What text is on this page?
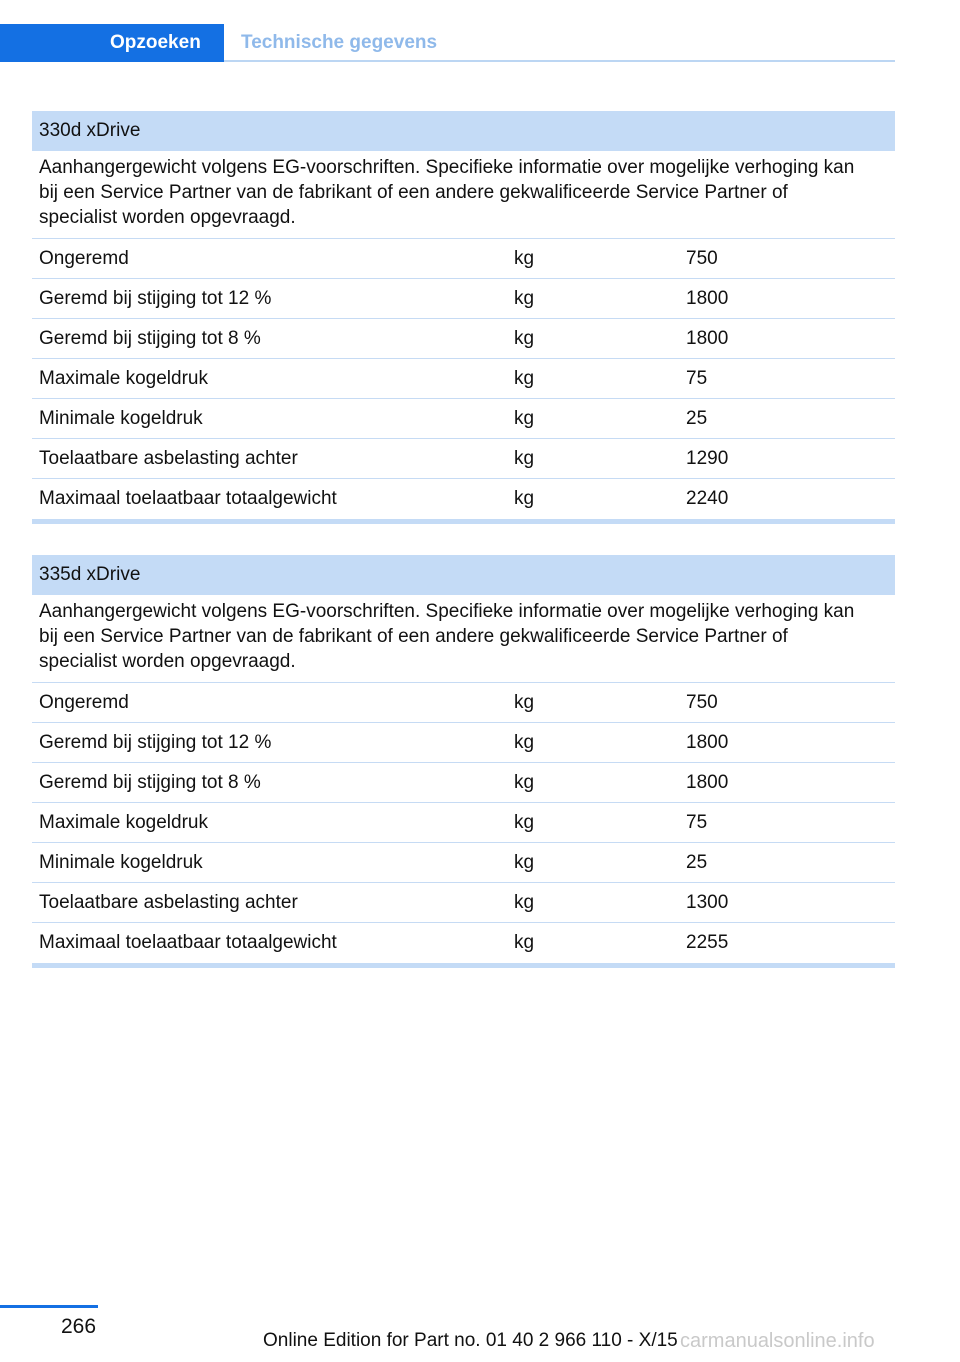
Opzoeken	Technische gegevens
330d xDrive
Aanhangergewicht volgens EG-voorschriften. Specifieke informatie over mogelijke verhoging kan bij een Service Partner van de fabrikant of een andere gekwalificeerde Service Partner of specialist worden opgevraagd.
Ongeremd	kg	750
Geremd bij stijging tot 12 %	kg	1800
Geremd bij stijging tot 8 %	kg	1800
Maximale kogeldruk	kg	75
Minimale kogeldruk	kg	25
Toelaatbare asbelasting achter	kg	1290
Maximaal toelaatbaar totaalgewicht	kg	2240
335d xDrive
Aanhangergewicht volgens EG-voorschriften. Specifieke informatie over mogelijke verhoging kan bij een Service Partner van de fabrikant of een andere gekwalificeerde Service Partner of specialist worden opgevraagd.
Ongeremd	kg	750
Geremd bij stijging tot 12 %	kg	1800
Geremd bij stijging tot 8 %	kg	1800
Maximale kogeldruk	kg	75
Minimale kogeldruk	kg	25
Toelaatbare asbelasting achter	kg	1300
Maximaal toelaatbaar totaalgewicht	kg	2255
266
Online Edition for Part no. 01 40 2 966 110 - X/15 carmanualsonline.info
